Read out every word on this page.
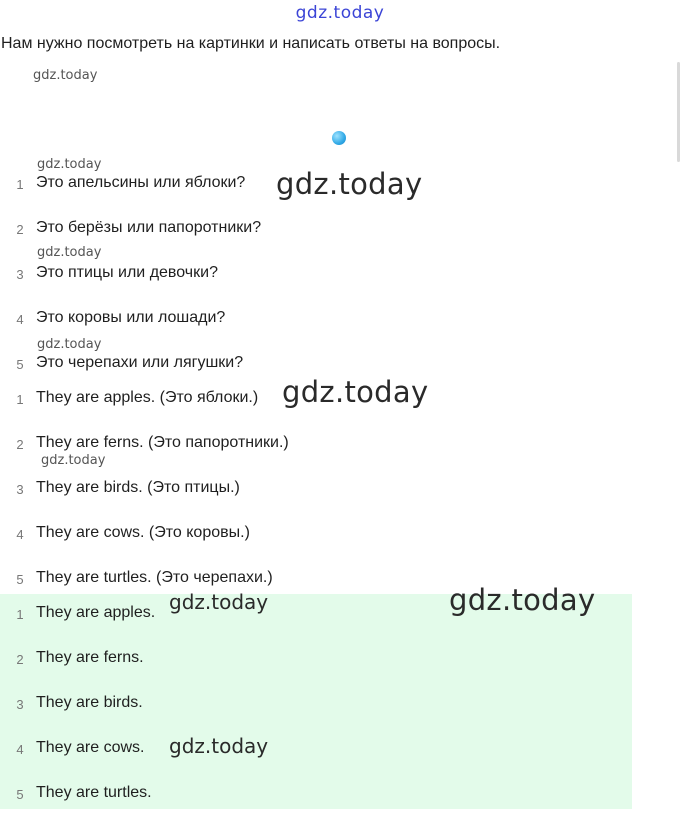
gdz.today
Нам нужно посмотреть на картинки и написать ответы на вопросы.
gdz.today
gdz.today
gdz.today
gdz.today
gdz.today
1 Это апельсины или яблоки?
2 Это берёзы или папоротники?
3 Это птицы или девочки?
4 Это коровы или лошади?
5 Это черепахи или лягушки?
1 They are apples. (Это яблоки.)
2 They are ferns. (Это папоротники.)
3 They are birds. (Это птицы.)
4 They are cows. (Это коровы.)
5 They are turtles. (Это черепахи.)
1 They are apples.
2 They are ferns.
3 They are birds.
4 They are cows.
5 They are turtles.
gdz.today
gdz.today
gdz.today
gdz.today
gdz.today
